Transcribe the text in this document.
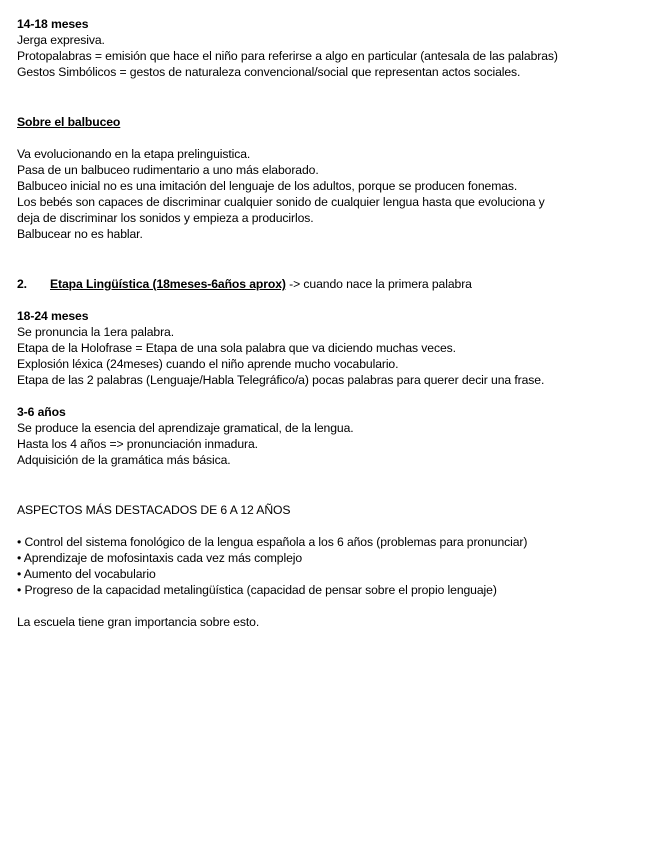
14-18 meses
Jerga expresiva.
Protopalabras = emisión que hace el niño para referirse a algo en particular (antesala de las palabras)
Gestos Simbólicos = gestos de naturaleza convencional/social que representan actos sociales.
Sobre el balbuceo
Va evolucionando en la etapa prelinguistica.
Pasa de un balbuceo rudimentario a uno más elaborado.
Balbuceo inicial no es una imitación del lenguaje de los adultos, porque se producen fonemas.
Los bebés son capaces de discriminar cualquier sonido de cualquier lengua hasta que evoluciona y
deja de discriminar los sonidos y empieza a producirlos.
Balbucear no es hablar.
2. Etapa Lingüística (18meses-6años aprox) -> cuando nace la primera palabra
18-24 meses
Se pronuncia la 1era palabra.
Etapa de la Holofrase = Etapa de una sola palabra que va diciendo muchas veces.
Explosión léxica (24meses) cuando el niño aprende mucho vocabulario.
Etapa de las 2 palabras (Lenguaje/Habla Telegráfico/a) pocas palabras para querer decir una frase.
3-6 años
Se produce la esencia del aprendizaje gramatical, de la lengua.
Hasta los 4 años => pronunciación inmadura.
Adquisición de la gramática más básica.
ASPECTOS MÁS DESTACADOS DE 6 A 12 AÑOS
• Control del sistema fonológico de la lengua española a los 6 años (problemas para pronunciar)
• Aprendizaje de mofosintaxis cada vez más complejo
• Aumento del vocabulario
• Progreso de la capacidad metalingüística (capacidad de pensar sobre el propio lenguaje)
La escuela tiene gran importancia sobre esto.
